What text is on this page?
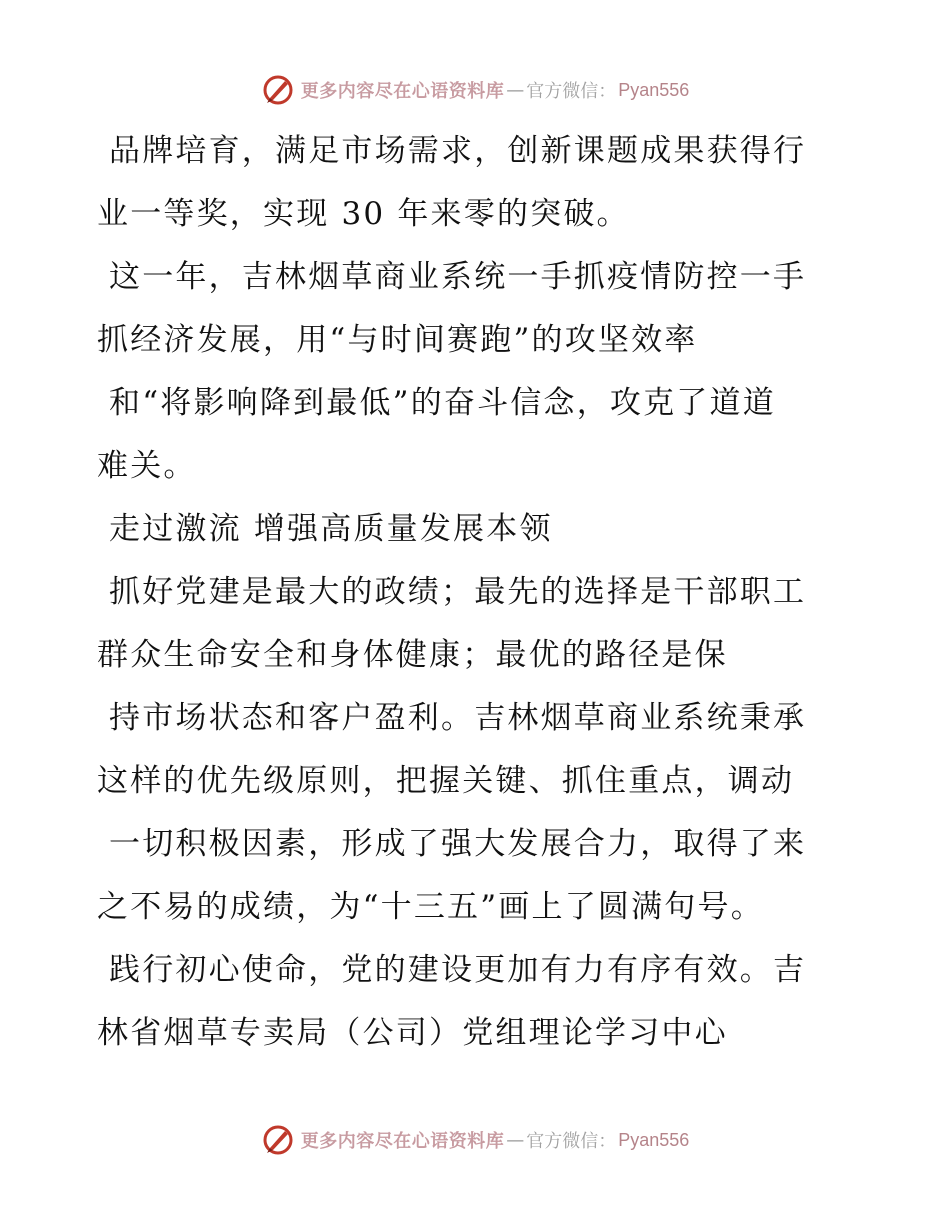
更多内容尽在心语资料库 — 官方微信： Pyan556

品牌培育，满足市场需求，创新课题成果获得行

业一等奖，实现 30 年来零的突破。

这一年，吉林烟草商业系统一手抓疫情防控一手

抓经济发展，用“与时间赛跑”的攻坚效率

和“将影响降到最低”的奋斗信念，攻克了道道

难关。

走过激流 增强高质量发展本领

抓好党建是最大的政绩；最先的选择是干部职工

群众生命安全和身体健康；最优的路径是保

持市场状态和客户盈利。吉林烟草商业系统秉承

这样的优先级原则，把握关键、抓住重点，调动

一切积极因素，形成了强大发展合力，取得了来

之不易的成绩，为“十三五”画上了圆满句号。

践行初心使命，党的建设更加有力有序有效。吉

林省烟草专卖局（公司）党组理论学习中心

更多内容尽在心语资料库 — 官方微信： Pyan556
